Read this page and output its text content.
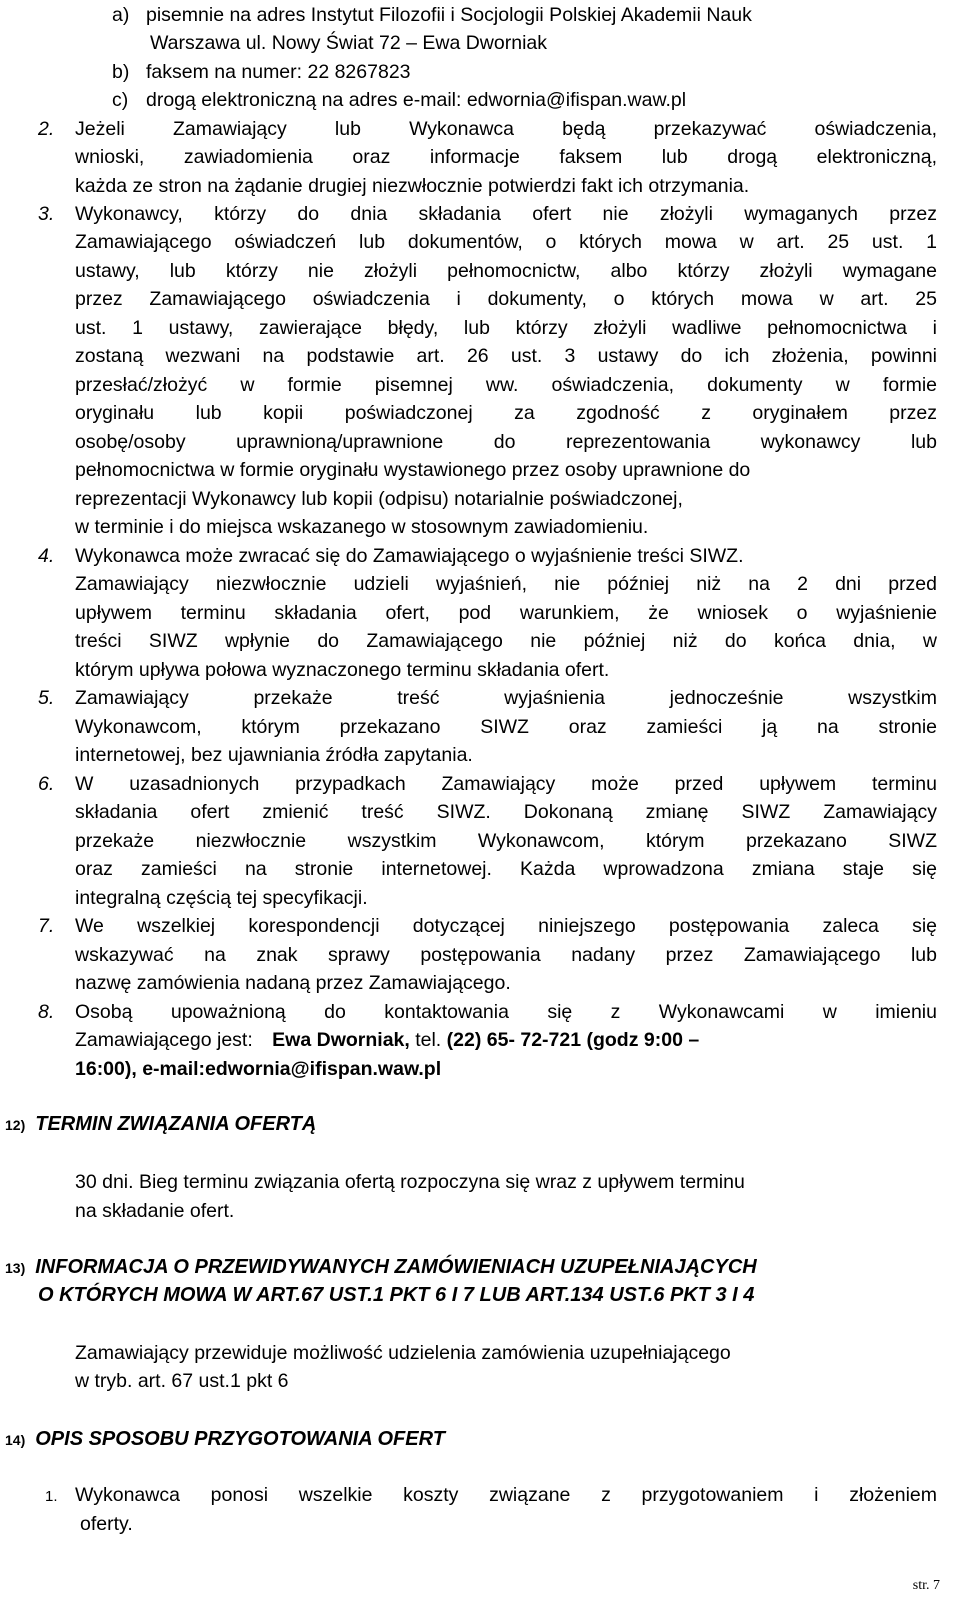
a) pisemnie na adres Instytut Filozofii i Socjologii Polskiej Akademii Nauk
Warszawa ul. Nowy Świat 72 – Ewa Dworniak
b) faksem na numer: 22 8267823
c) drogą elektroniczną na adres e-mail: edwornia@ifispan.waw.pl
2. Jeżeli Zamawiający lub Wykonawca będą przekazywać oświadczenia,
wnioski, zawiadomienia oraz informacje faksem lub drogą elektroniczną,
każda ze stron na żądanie drugiej niezwłocznie potwierdzi fakt ich otrzymania.
3. Wykonawcy, którzy do dnia składania ofert nie złożyli wymaganych przez
Zamawiającego oświadczeń lub dokumentów, o których mowa w art. 25 ust. 1
ustawy, lub którzy nie złożyli pełnomocnictw, albo którzy złożyli wymagane
przez Zamawiającego oświadczenia i dokumenty, o których mowa w art. 25
ust. 1 ustawy, zawierające błędy, lub którzy złożyli wadliwe pełnomocnictwa i
zostaną wezwani na podstawie art. 26 ust. 3 ustawy do ich złożenia, powinni
przesłać/złożyć w formie pisemnej ww. oświadczenia, dokumenty w formie
oryginału lub kopii poświadczonej za zgodność z oryginałem przez
osobę/osoby uprawnioną/uprawnione do reprezentowania wykonawcy lub
pełnomocnictwa w formie oryginału wystawionego przez osoby uprawnione do
reprezentacji Wykonawcy lub kopii (odpisu) notarialnie poświadczonej,
w terminie i do miejsca wskazanego w stosownym zawiadomieniu.
4. Wykonawca może zwracać się do Zamawiającego o wyjaśnienie treści SIWZ.
Zamawiający niezwłocznie udzieli wyjaśnień, nie później niż na 2 dni przed
upływem terminu składania ofert, pod warunkiem, że wniosek o wyjaśnienie
treści SIWZ wpłynie do Zamawiającego nie później niż do końca dnia, w
którym upływa połowa wyznaczonego terminu składania ofert.
5. Zamawiający przekaże treść wyjaśnienia jednocześnie wszystkim
Wykonawcom, którym przekazano SIWZ oraz zamieści ją na stronie
internetowej, bez ujawniania źródła zapytania.
6. W uzasadnionych przypadkach Zamawiający może przed upływem terminu
składania ofert zmienić treść SIWZ. Dokonaną zmianę SIWZ Zamawiający
przekaże niezwłocznie wszystkim Wykonawcom, którym przekazano SIWZ
oraz zamieści na stronie internetowej. Każda wprowadzona zmiana staje się
integralną częścią tej specyfikacji.
7. We wszelkiej korespondencji dotyczącej niniejszego postępowania zaleca się
wskazywać na znak sprawy postępowania nadany przez Zamawiającego lub
nazwę zamówienia nadaną przez Zamawiającego.
8. Osobą upoważnioną do kontaktowania się z Wykonawcami w imieniu
Zamawiającego jest: Ewa Dworniak, tel. (22) 65- 72-721 (godz 9:00 –
16:00), e-mail:edwornia@ifispan.waw.pl
12) TERMIN ZWIĄZANIA OFERTĄ
30 dni. Bieg terminu związania ofertą rozpoczyna się wraz z upływem terminu
na składanie ofert.
13) INFORMACJA O PRZEWIDYWANYCH ZAMÓWIENIACH UZUPEŁNIAJĄCYCH
O KTÓRYCH MOWA W ART.67 UST.1 PKT 6 I 7 LUB ART.134 UST.6 PKT 3 I 4
Zamawiający przewiduje możliwość udzielenia zamówienia uzupełniającego
w tryb. art. 67 ust.1 pkt 6
14) OPIS SPOSOBU PRZYGOTOWANIA OFERT
1. Wykonawca ponosi wszelkie koszty związane z przygotowaniem i złożeniem
oferty.
str. 7
